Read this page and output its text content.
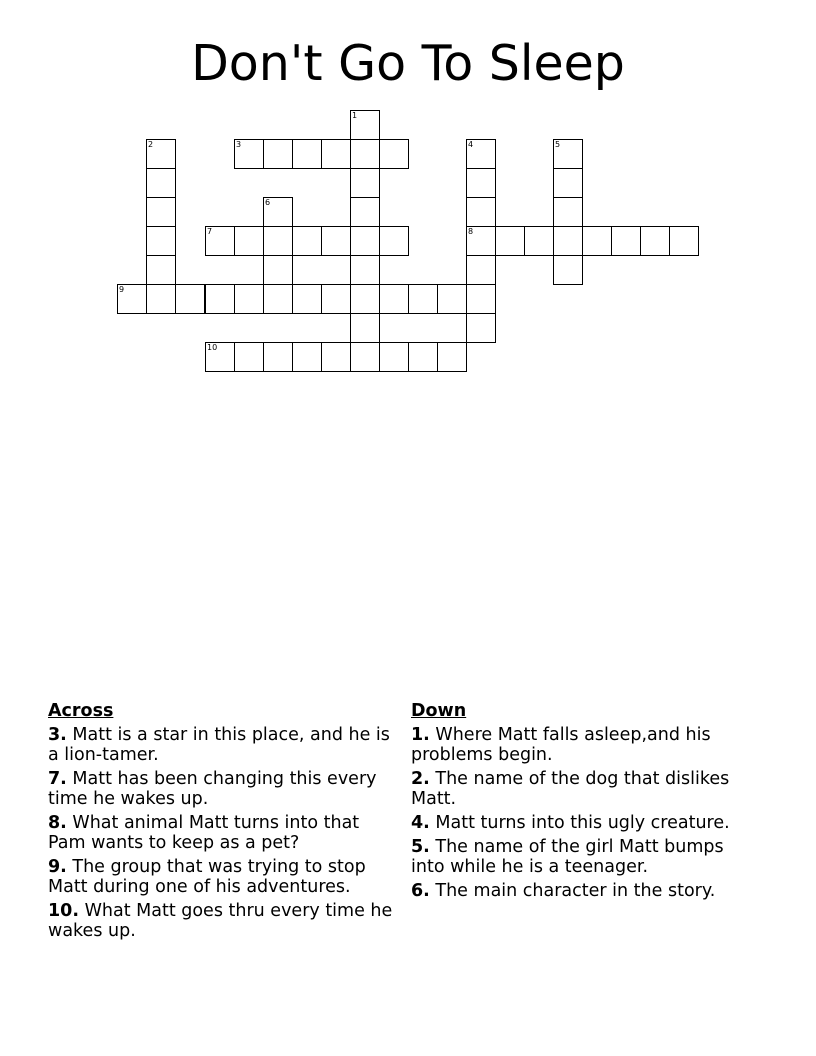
Don't Go To Sleep
1
2	3	4	5
6
7	8
9
10
Across
3. Matt is a star in this place, and he is a lion-tamer.
7. Matt has been changing this every time he wakes up.
8. What animal Matt turns into that Pam wants to keep as a pet?
9. The group that was trying to stop Matt during one of his adventures.
10. What Matt goes thru every time he wakes up.
Down
1. Where Matt falls asleep,and his problems begin.
2. The name of the dog that dislikes Matt.
4. Matt turns into this ugly creature.
5. The name of the girl Matt bumps into while he is a teenager.
6. The main character in the story.
